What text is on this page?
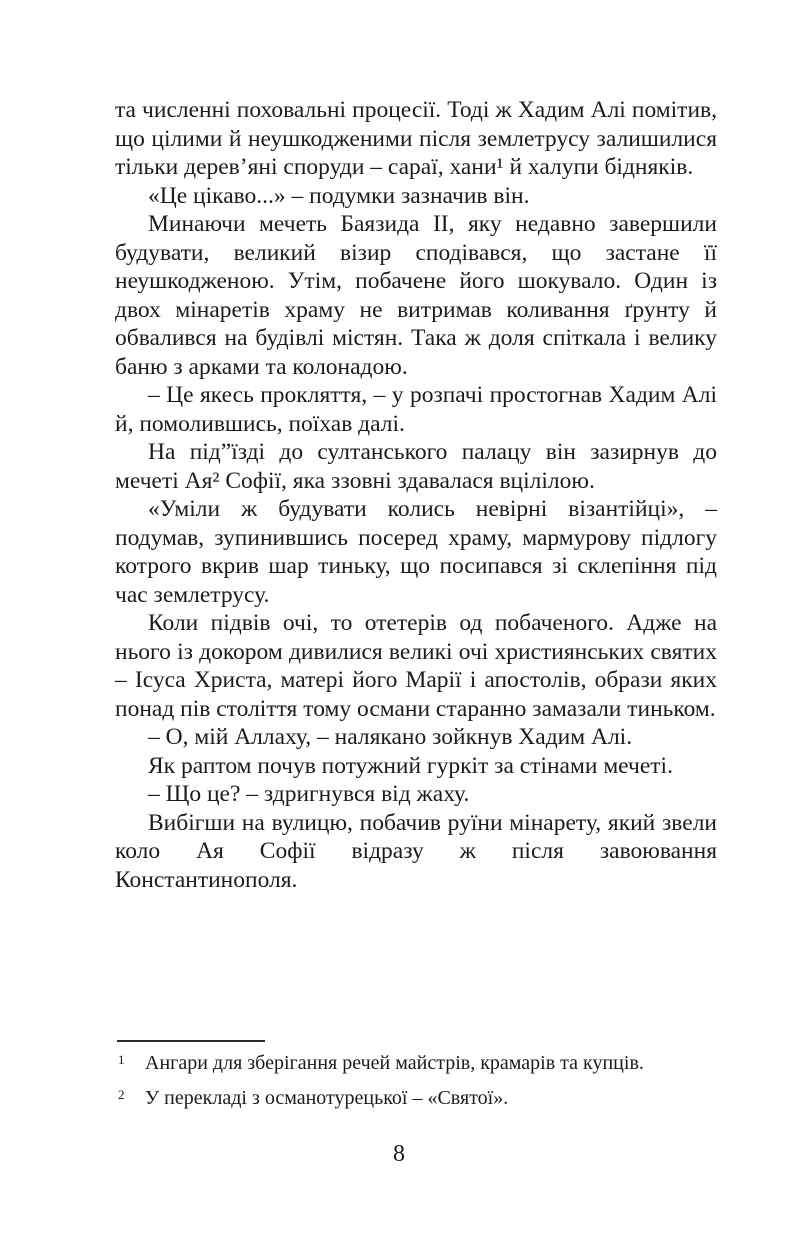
та численні поховальні процесії. Тоді ж Хадим Алі помітив, що цілими й неушкодженими після землетрусу залишилися тільки дерев’яні споруди – сараї, хани¹ й халупи бідняків.

«Це цікаво...» – подумки зазначив він.

Минаючи мечеть Баязида II, яку недавно завершили будувати, великий візир сподівався, що застане її неушкодженою. Утім, побачене його шокувало. Один із двох мінаретів храму не витримав коливання ґрунту й обвалився на будівлі містян. Така ж доля спіткала і велику баню з арками та колонадою.

– Це якесь прокляття, – у розпачі простогнав Хадим Алі й, помолившись, поїхав далі.

На під”їзді до султанського палацу він зазирнув до мечеті Ая² Софії, яка ззовні здавалася вцілілою.

«Уміли ж будувати колись невірні візантійці», – подумав, зупинившись посеред храму, мармурову підлогу котрого вкрив шар тиньку, що посипався зі склепіння під час землетрусу.

Коли підвів очі, то отетерів од побаченого. Адже на нього із докором дивилися великі очі християнських святих – Ісуса Христа, матері його Марії і апостолів, образи яких понад пів століття тому османи старанно замазали тиньком.

– О, мій Аллаху, – налякано зойкнув Хадим Алі.

Як раптом почув потужний гуркіт за стінами мечеті.

– Що це? – здригнувся від жаху.

Вибігши на вулицю, побачив руїни мінарету, який звели коло Ая Софії відразу ж після завоювання Константинополя.

1	Ангари для зберігання речей майстрів, крамарів та купців.
2	У перекладі з османотурецької – «Святої».
8
